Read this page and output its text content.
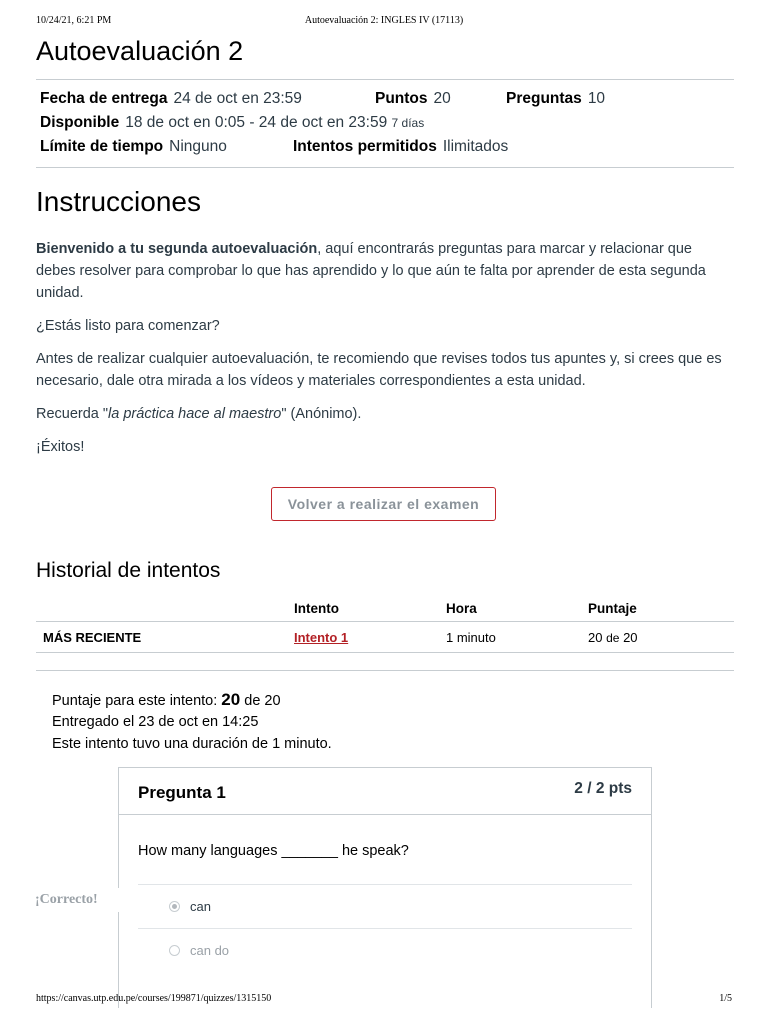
10/24/21, 6:21 PM	Autoevaluación 2: INGLES IV (17113)
Autoevaluación 2
Fecha de entrega 24 de oct en 23:59	Puntos 20	Preguntas 10
Disponible 18 de oct en 0:05 - 24 de oct en 23:59 7 días
Límite de tiempo Ninguno	Intentos permitidos Ilimitados
Instrucciones

Bienvenido a tu segunda autoevaluación, aquí encontrarás preguntas para marcar y relacionar que debes resolver para comprobar lo que has aprendido y lo que aún te falta por aprender de esta segunda unidad.

¿Estás listo para comenzar?

Antes de realizar cualquier autoevaluación, te recomiendo que revises todos tus apuntes y, si crees que es necesario, dale otra mirada a los vídeos y materiales correspondientes a esta unidad.

Recuerda "la práctica hace al maestro" (Anónimo).

¡Éxitos!

Volver a realizar el examen
Historial de intentos
	Intento	Hora	Puntaje
MÁS RECIENTE	Intento 1	1 minuto	20 de 20
Puntaje para este intento: 20 de 20
Entregado el 23 de oct en 14:25
Este intento tuvo una duración de 1 minuto.
Pregunta 1	2 / 2 pts
How many languages _______ he speak?
can
can do
¡Correcto!
https://canvas.utp.edu.pe/courses/199871/quizzes/1315150	1/5
